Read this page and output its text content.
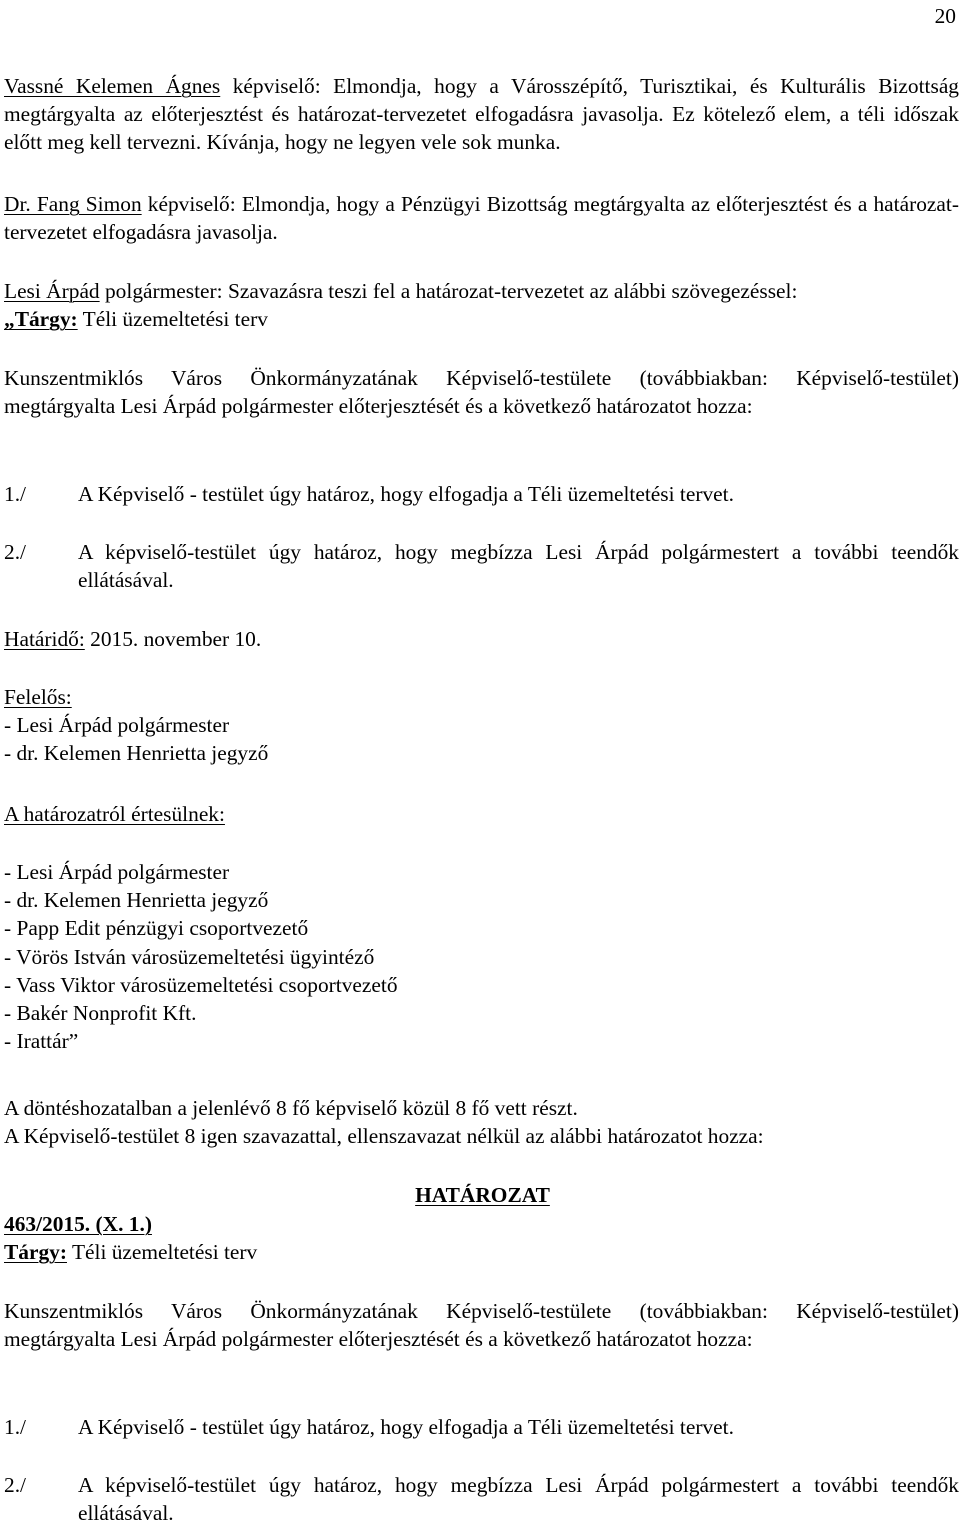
20

Vassné Kelemen Ágnes képviselő: Elmondja, hogy a Városszépítő, Turisztikai, és Kulturális Bizottság megtárgyalta az előterjesztést és határozat-tervezetet elfogadásra javasolja. Ez kötelező elem, a téli időszak előtt meg kell tervezni. Kívánja, hogy ne legyen vele sok munka.

Dr. Fang Simon képviselő: Elmondja, hogy a Pénzügyi Bizottság megtárgyalta az előterjesztést és a határozat-tervezetet elfogadásra javasolja.

Lesi Árpád polgármester: Szavazásra teszi fel a határozat-tervezetet az alábbi szövegezéssel:
„Tárgy: Téli üzemeltetési terv

Kunszentmiklós Város Önkormányzatának Képviselő-testülete (továbbiakban: Képviselő-testület) megtárgyalta Lesi Árpád polgármester előterjesztését és a következő határozatot hozza:

1./ A Képviselő - testület úgy határoz, hogy elfogadja a Téli üzemeltetési tervet.
2./ A képviselő-testület úgy határoz, hogy megbízza Lesi Árpád polgármestert a további teendők ellátásával.
Határidő: 2015. november 10.
Felelős:
- Lesi Árpád polgármester
- dr. Kelemen Henrietta jegyző
A határozatról értesülnek:
- Lesi Árpád polgármester
- dr. Kelemen Henrietta jegyző
- Papp Edit pénzügyi csoportvezető
- Vörös István városüzemeltetési ügyintéző
- Vass Viktor városüzemeltetési csoportvezető
- Bakér Nonprofit Kft.
- Irattár”
A döntéshozatalban a jelenlévő 8 fő képviselő közül 8 fő vett részt.
A Képviselő-testület 8 igen szavazattal, ellenszavazat nélkül az alábbi határozatot hozza:
HATÁROZAT
463/2015. (X. 1.)
Tárgy: Téli üzemeltetési terv

Kunszentmiklós Város Önkormányzatának Képviselő-testülete (továbbiakban: Képviselő-testület) megtárgyalta Lesi Árpád polgármester előterjesztését és a következő határozatot hozza:

1./ A Képviselő - testület úgy határoz, hogy elfogadja a Téli üzemeltetési tervet.
2./ A képviselő-testület úgy határoz, hogy megbízza Lesi Árpád polgármestert a további teendők ellátásával.
